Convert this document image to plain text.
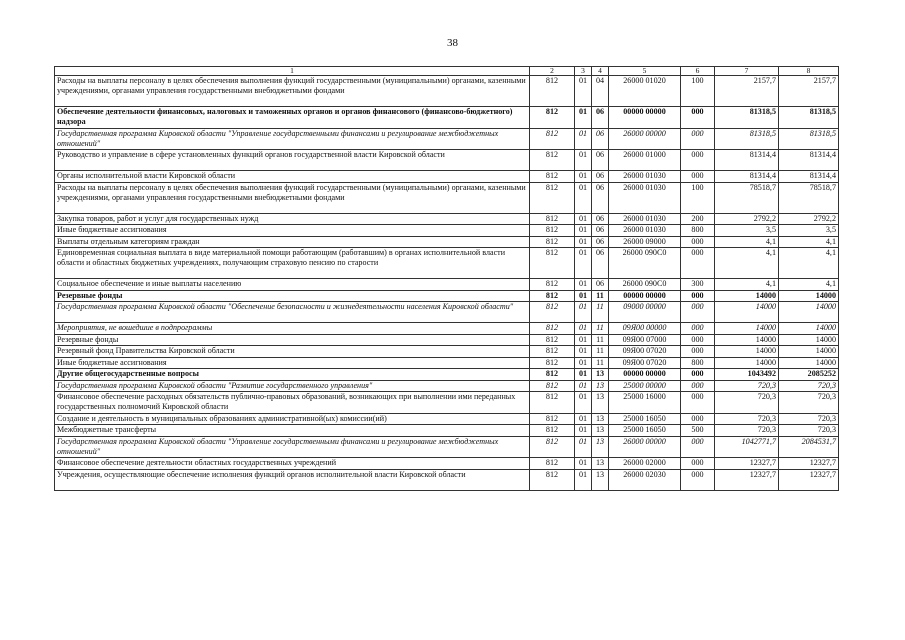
38
1	2	3	4	5	6	7	8
Расходы на выплаты персоналу в целях обеспечения выполнения функций государственными (муниципальными) органами, казенными учреждениями, органами управления государственными внебюджетными фондами	812	01	04	26000 01020	100	2157,7	2157,7
Обеспечение деятельности финансовых, налоговых и таможенных органов и органов финансового (финансово-бюджетного) надзора	812	01	06	00000 00000	000	81318,5	81318,5
Государственная программа Кировской области "Управление государственными финансами и регулирование межбюджетных отношений"	812	01	06	26000 00000	000	81318,5	81318,5
Руководство и управление в сфере установленных функций органов государственной власти Кировской области	812	01	06	26000 01000	000	81314,4	81314,4
Органы исполнительной власти Кировской области	812	01	06	26000 01030	000	81314,4	81314,4
Расходы на выплаты персоналу в целях обеспечения выполнения функций государственными (муниципальными) органами, казенными учреждениями, органами управления государственными внебюджетными фондами	812	01	06	26000 01030	100	78518,7	78518,7
Закупка товаров, работ и услуг для государственных нужд	812	01	06	26000 01030	200	2792,2	2792,2
Иные бюджетные ассигнования	812	01	06	26000 01030	800	3,5	3,5
Выплаты отдельным категориям граждан	812	01	06	26000 09000	000	4,1	4,1
Единовременная социальная выплата в виде материальной помощи работающим (работавшим) в органах исполнительной власти области и областных бюджетных учреждениях, получающим страховую пенсию по старости	812	01	06	26000 090С0	000	4,1	4,1
Социальное обеспечение и иные выплаты населению	812	01	06	26000 090С0	300	4,1	4,1
Резервные фонды	812	01	11	00000 00000	000	14000	14000
Государственная программа Кировской области "Обеспечение безопасности и жизнедеятельности населения Кировской области"	812	01	11	09000 00000	000	14000	14000
Мероприятия, не вошедшие в подпрограммы	812	01	11	09Я00 00000	000	14000	14000
Резервные фонды	812	01	11	09Я00 07000	000	14000	14000
Резервный фонд Правительства Кировской области	812	01	11	09Я00 07020	000	14000	14000
Иные бюджетные ассигнования	812	01	11	09Я00 07020	800	14000	14000
Другие общегосударственные вопросы	812	01	13	00000 00000	000	1043492	2085252
Государственная программа Кировской области "Развитие государственного управления"	812	01	13	25000 00000	000	720,3	720,3
Финансовое обеспечение расходных обязательств публично-правовых образований, возникающих при выполнении ими переданных государственных полномочий Кировской области	812	01	13	25000 16000	000	720,3	720,3
Создание и деятельность в муниципальных образованиях административной(ых) комиссии(ий)	812	01	13	25000 16050	000	720,3	720,3
Межбюджетные трансферты	812	01	13	25000 16050	500	720,3	720,3
Государственная программа Кировской области "Управление государственными финансами и регулирование межбюджетных отношений"	812	01	13	26000 00000	000	1042771,7	2084531,7
Финансовое обеспечение деятельности областных государственных учреждений	812	01	13	26000 02000	000	12327,7	12327,7
Учреждения, осуществляющие обеспечение исполнения функций органов исполнительной власти Кировской области	812	01	13	26000 02030	000	12327,7	12327,7
